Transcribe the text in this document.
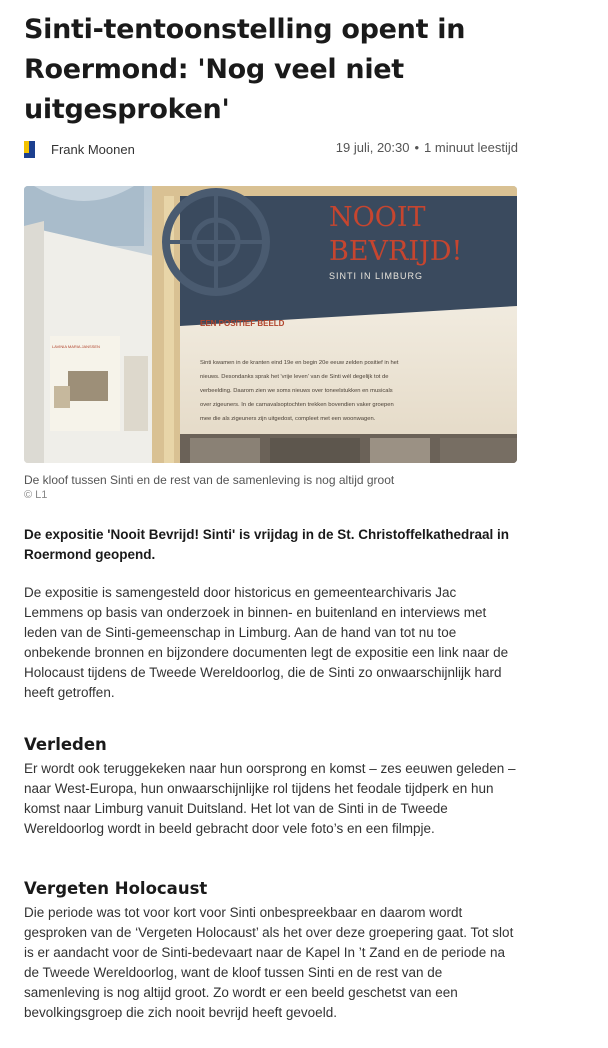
Sinti-tentoonstelling opent in Roermond: 'Nog veel niet uitgesproken'
Frank Moonen	19 juli, 20:30 • 1 minuut leestijd
LAVINIA MARIA JANSSEN
NOOIT
BEVRIJD!
SINTI IN LIMBURG
EEN POSITIEF BEELD
Sinti kwamen in de kranten eind 19e en begin 20e eeuw zelden positief in het
nieuws. Desondanks sprak het 'vrije leven' van de Sinti wél degelijk tot de
verbeelding. Daarom zien we soms nieuws over toneelstukken en musicals
over zigeuners. In de carnavalsoptochten trekken bovendien vaker groepen
mee die als zigeuners zijn uitgedost, compleet met een woonwagen.
De kloof tussen Sinti en de rest van de samenleving is nog altijd groot
© L1

De expositie 'Nooit Bevrijd! Sinti' is vrijdag in de St. Christoffelkathedraal in Roermond geopend.

De expositie is samengesteld door historicus en gemeentearchivaris Jac Lemmens op basis van onderzoek in binnen- en buitenland en interviews met leden van de Sinti-gemeenschap in Limburg. Aan de hand van tot nu toe onbekende bronnen en bijzondere documenten legt de expositie een link naar de Holocaust tijdens de Tweede Wereldoorlog, die de Sinti zo onwaarschijnlijk hard heeft getroffen.

Verleden

Er wordt ook teruggekeken naar hun oorsprong en komst – zes eeuwen geleden – naar West-Europa, hun onwaarschijnlijke rol tijdens het feodale tijdperk en hun komst naar Limburg vanuit Duitsland. Het lot van de Sinti in de Tweede Wereldoorlog wordt in beeld gebracht door vele foto’s en een filmpje.

Vergeten Holocaust

Die periode was tot voor kort voor Sinti onbespreekbaar en daarom wordt gesproken van de ‘Vergeten Holocaust’ als het over deze groepering gaat. Tot slot is er aandacht voor de Sinti-bedevaart naar de Kapel In ’t Zand en de periode na de Tweede Wereldoorlog, want de kloof tussen Sinti en de rest van de samenleving is nog altijd groot. Zo wordt er een beeld geschetst van een bevolkingsgroep die zich nooit bevrijd heeft gevoeld.
